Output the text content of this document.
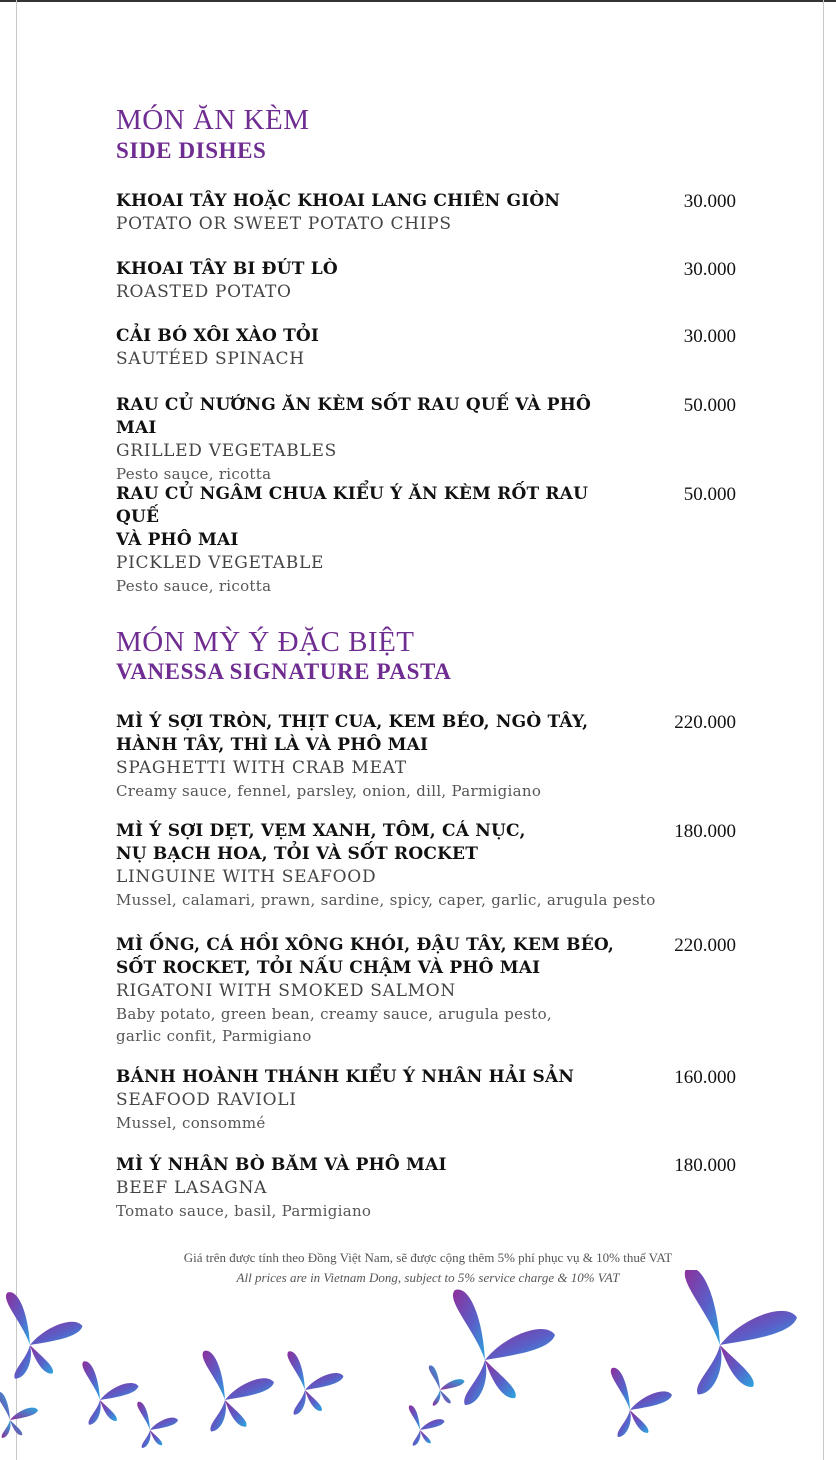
MÓN ĂN KÈM
SIDE DISHES
KHOAI TÂY HOẶC KHOAI LANG CHIÊN GIÒN
POTATO OR SWEET POTATO CHIPS
30.000
KHOAI TÂY BI ĐÚT LÒ
ROASTED POTATO
30.000
CẢI BÓ XÔI XÀO TỎI
SAUTÉED SPINACH
30.000
RAU CỦ NƯỚNG ĂN KÈM SỐT RAU QUẾ VÀ PHÔ MAI
GRILLED VEGETABLES
Pesto sauce, ricotta
50.000
RAU CỦ NGÂM CHUA KIỂU Ý ĂN KÈM RỐT RAU QUẾ
VÀ PHÔ MAI
PICKLED VEGETABLE
Pesto sauce, ricotta
50.000
MÓN MỲ Ý ĐẶC BIỆT
VANESSA SIGNATURE PASTA
MÌ Ý SỢI TRÒN, THỊT CUA, KEM BÉO, NGÒ TÂY,
HÀNH TÂY, THÌ LÀ VÀ PHÔ MAI
SPAGHETTI WITH CRAB MEAT
Creamy sauce, fennel, parsley, onion, dill, Parmigiano
220.000
MÌ Ý SỢI DẸT, VẸM XANH, TÔM, CÁ NỤC,
NỤ BẠCH HOA, TỎI VÀ SỐT ROCKET
LINGUINE WITH SEAFOOD
Mussel, calamari, prawn, sardine, spicy, caper, garlic, arugula pesto
180.000
MÌ ỐNG, CÁ HỒI XÔNG KHÓI, ĐẬU TÂY, KEM BÉO,
SỐT ROCKET, TỎI NẤU CHẬM VÀ PHÔ MAI
RIGATONI WITH SMOKED SALMON
Baby potato, green bean, creamy sauce, arugula pesto,
garlic confit, Parmigiano
220.000
BÁNH HOÀNH THÁNH KIỂU Ý NHÂN HẢI SẢN
SEAFOOD RAVIOLI
Mussel, consommé
160.000
MÌ Ý NHÂN BÒ BĂM VÀ PHÔ MAI
BEEF LASAGNA
Tomato sauce, basil, Parmigiano
180.000
Giá trên được tính theo Đồng Việt Nam, sẽ được cộng thêm 5% phí phục vụ & 10% thuế VAT
All prices are in Vietnam Dong, subject to 5% service charge & 10% VAT
